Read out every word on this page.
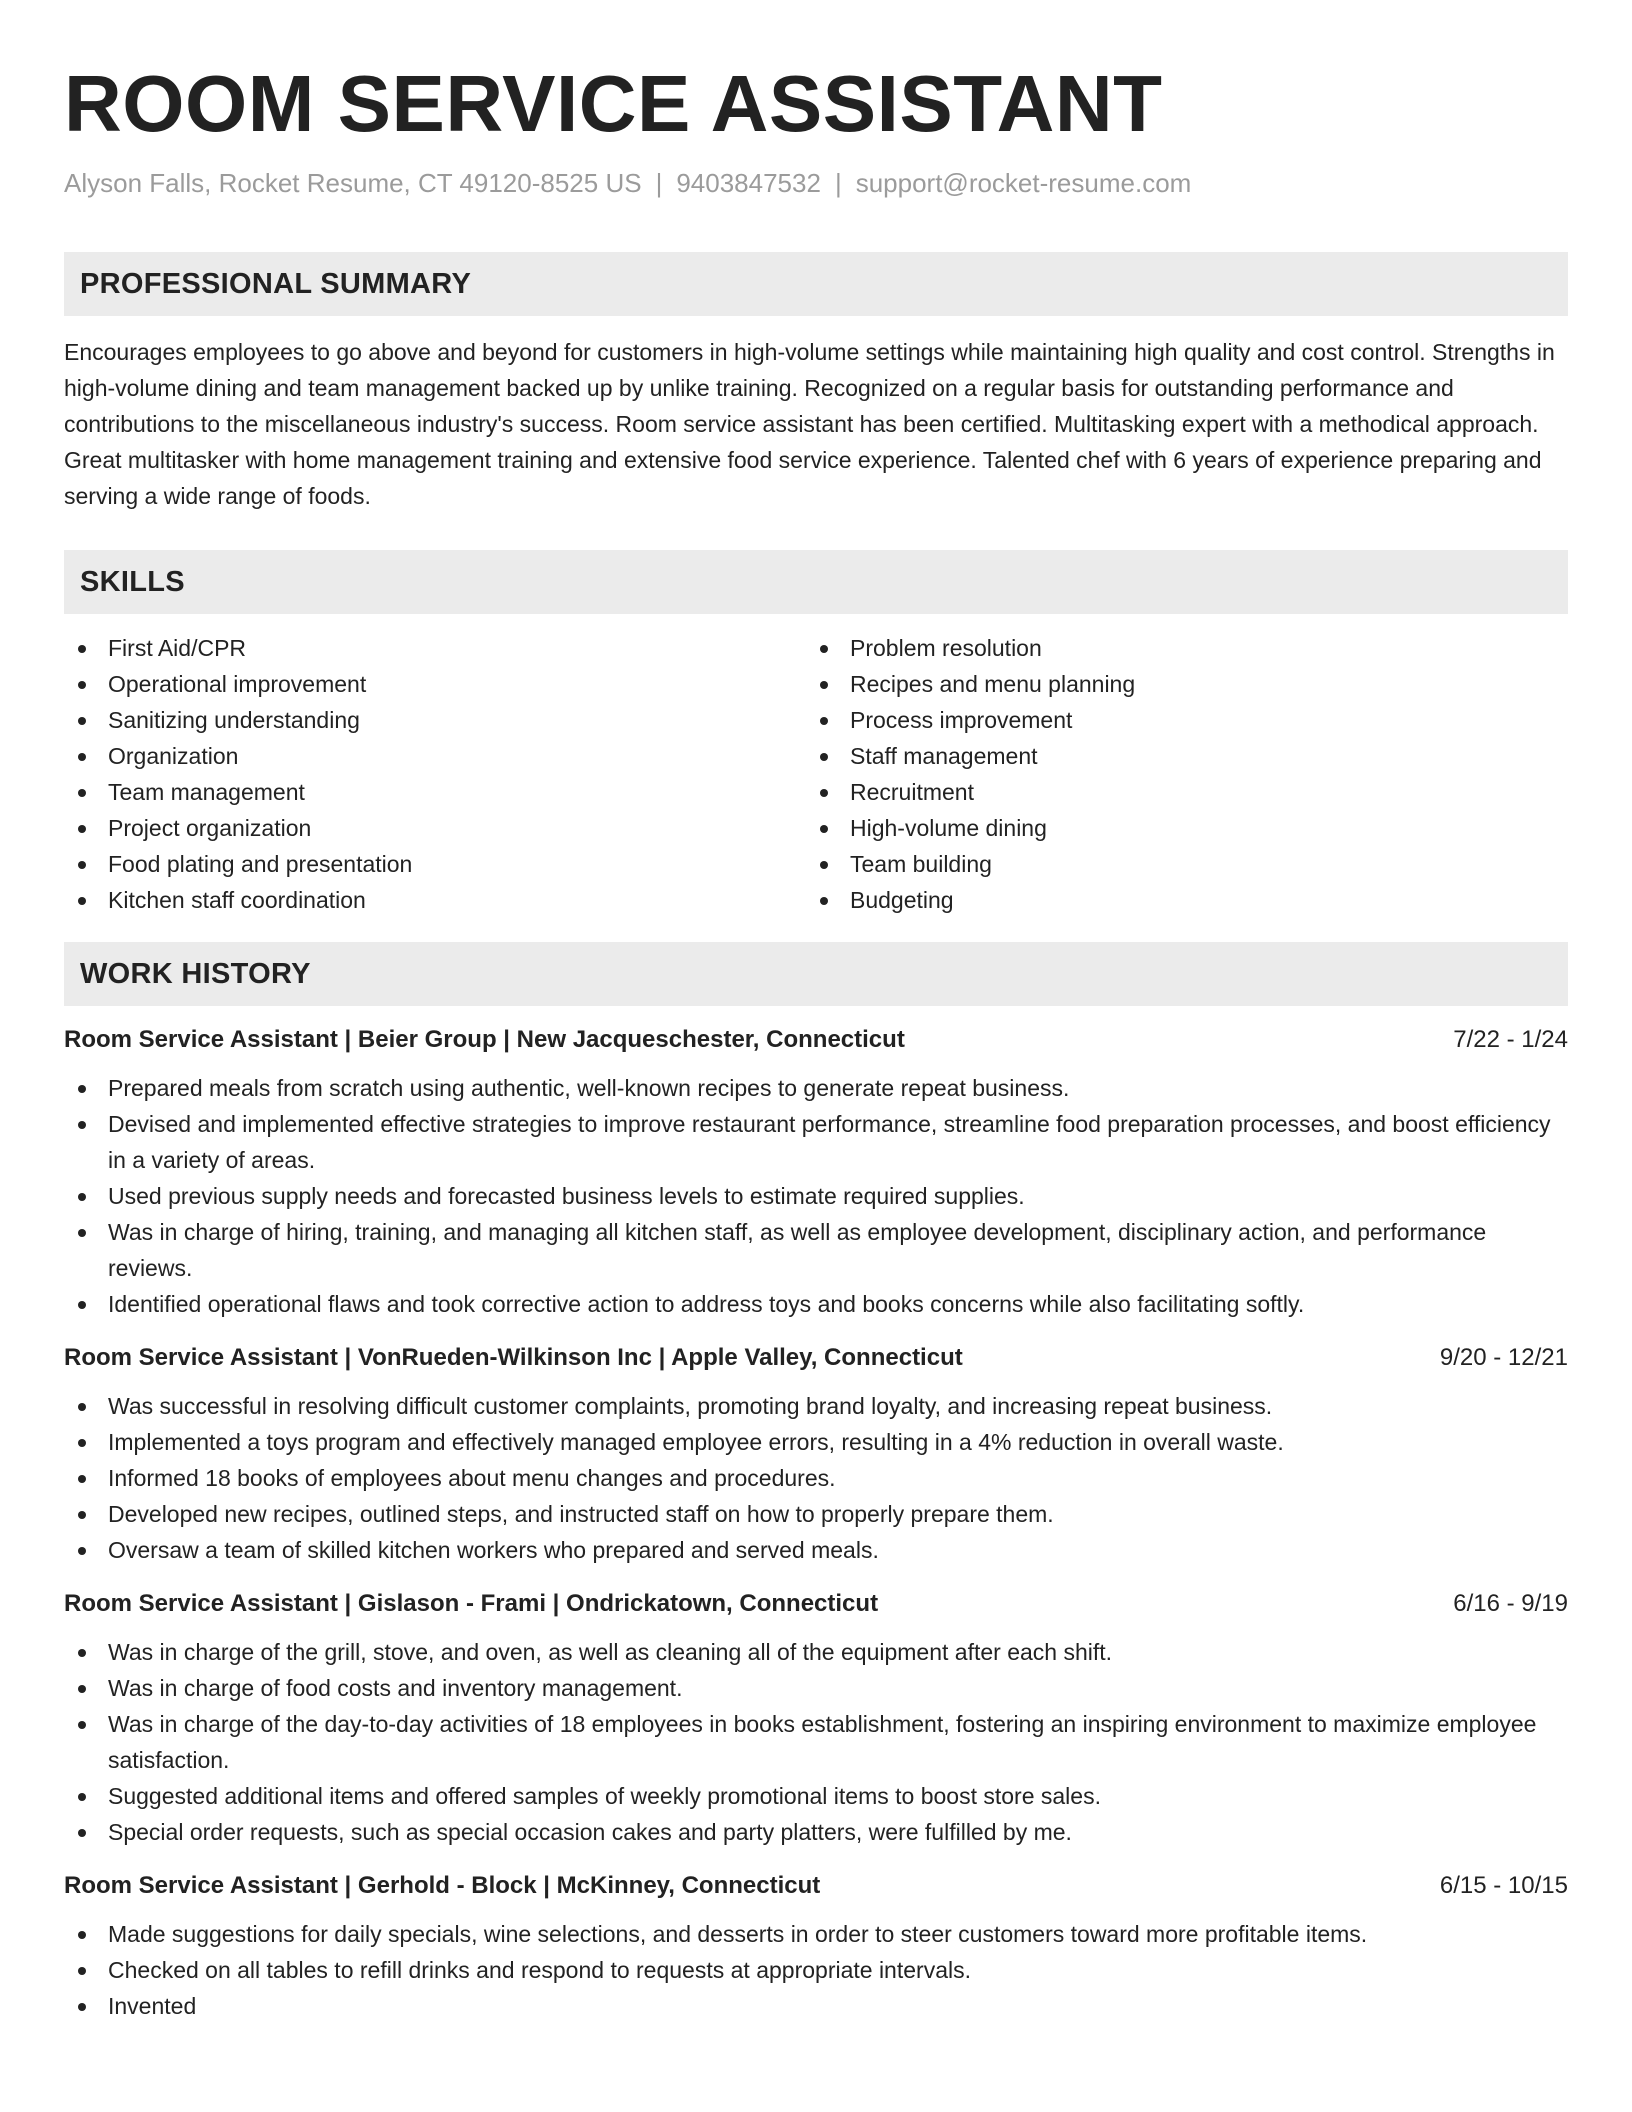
ROOM SERVICE ASSISTANT
Alyson Falls, Rocket Resume, CT 49120-8525 US | 9403847532 | support@rocket-resume.com
PROFESSIONAL SUMMARY
Encourages employees to go above and beyond for customers in high-volume settings while maintaining high quality and cost control. Strengths in high-volume dining and team management backed up by unlike training. Recognized on a regular basis for outstanding performance and contributions to the miscellaneous industry's success. Room service assistant has been certified. Multitasking expert with a methodical approach. Great multitasker with home management training and extensive food service experience. Talented chef with 6 years of experience preparing and serving a wide range of foods.
SKILLS
First Aid/CPR
Operational improvement
Sanitizing understanding
Organization
Team management
Project organization
Food plating and presentation
Kitchen staff coordination
Problem resolution
Recipes and menu planning
Process improvement
Staff management
Recruitment
High-volume dining
Team building
Budgeting
WORK HISTORY
Room Service Assistant | Beier Group | New Jacqueschester, Connecticut	7/22 - 1/24
Prepared meals from scratch using authentic, well-known recipes to generate repeat business.
Devised and implemented effective strategies to improve restaurant performance, streamline food preparation processes, and boost efficiency in a variety of areas.
Used previous supply needs and forecasted business levels to estimate required supplies.
Was in charge of hiring, training, and managing all kitchen staff, as well as employee development, disciplinary action, and performance reviews.
Identified operational flaws and took corrective action to address toys and books concerns while also facilitating softly.
Room Service Assistant | VonRueden-Wilkinson Inc | Apple Valley, Connecticut	9/20 - 12/21
Was successful in resolving difficult customer complaints, promoting brand loyalty, and increasing repeat business.
Implemented a toys program and effectively managed employee errors, resulting in a 4% reduction in overall waste.
Informed 18 books of employees about menu changes and procedures.
Developed new recipes, outlined steps, and instructed staff on how to properly prepare them.
Oversaw a team of skilled kitchen workers who prepared and served meals.
Room Service Assistant | Gislason - Frami | Ondrickatown, Connecticut	6/16 - 9/19
Was in charge of the grill, stove, and oven, as well as cleaning all of the equipment after each shift.
Was in charge of food costs and inventory management.
Was in charge of the day-to-day activities of 18 employees in books establishment, fostering an inspiring environment to maximize employee satisfaction.
Suggested additional items and offered samples of weekly promotional items to boost store sales.
Special order requests, such as special occasion cakes and party platters, were fulfilled by me.
Room Service Assistant | Gerhold - Block | McKinney, Connecticut	6/15 - 10/15
Made suggestions for daily specials, wine selections, and desserts in order to steer customers toward more profitable items.
Checked on all tables to refill drinks and respond to requests at appropriate intervals.
Invented
